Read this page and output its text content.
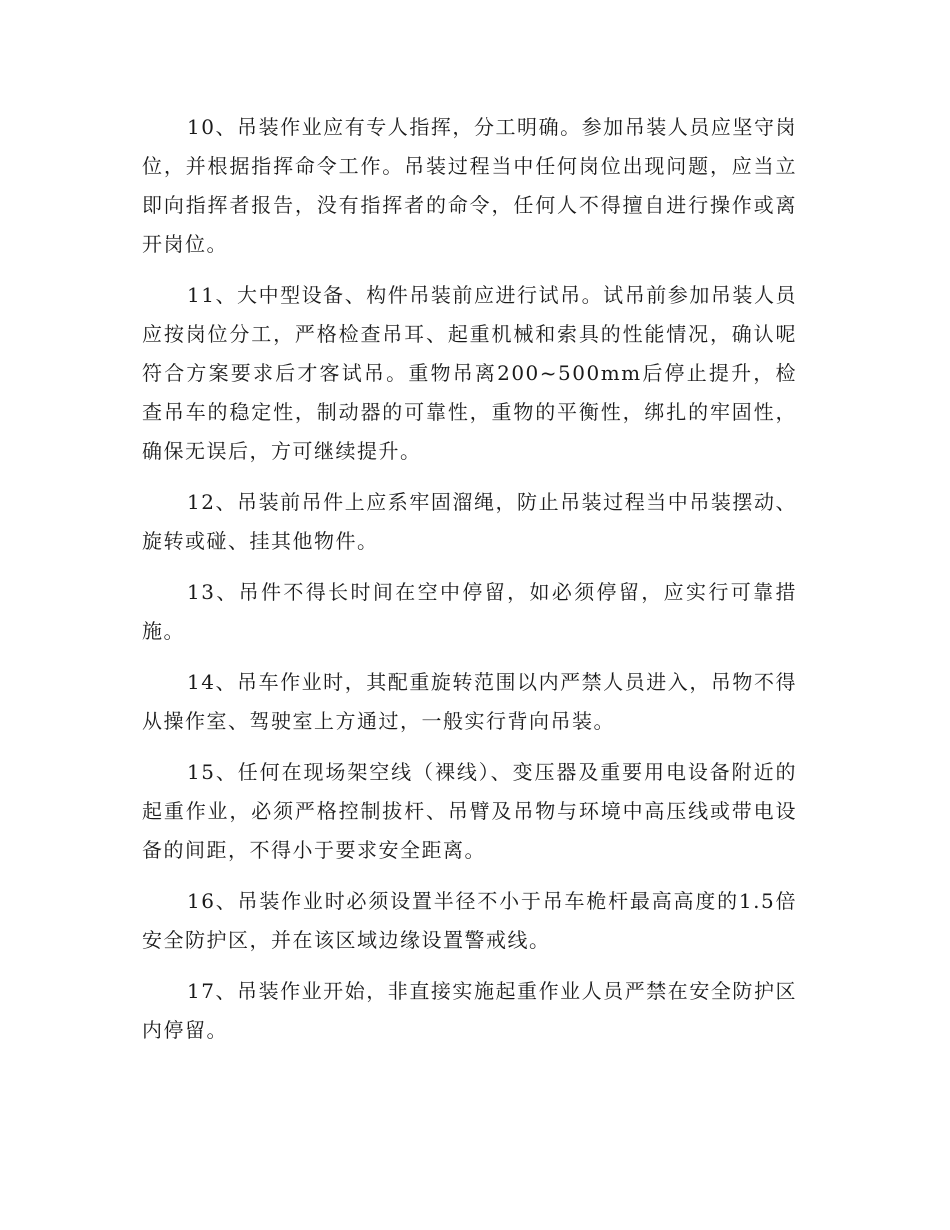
10、吊装作业应有专人指挥，分工明确。参加吊装人员应坚守岗位，并根据指挥命令工作。吊装过程当中任何岗位出现问题，应当立即向指挥者报告，没有指挥者的命令，任何人不得擅自进行操作或离开岗位。

11、大中型设备、构件吊装前应进行试吊。试吊前参加吊装人员应按岗位分工，严格检查吊耳、起重机械和索具的性能情况，确认呢符合方案要求后才客试吊。重物吊离200~500mm后停止提升，检查吊车的稳定性，制动器的可靠性，重物的平衡性，绑扎的牢固性，确保无误后，方可继续提升。

12、吊装前吊件上应系牢固溜绳，防止吊装过程当中吊装摆动、旋转或碰、挂其他物件。

13、吊件不得长时间在空中停留，如必须停留，应实行可靠措施。

14、吊车作业时，其配重旋转范围以内严禁人员进入，吊物不得从操作室、驾驶室上方通过，一般实行背向吊装。

15、任何在现场架空线（裸线）、变压器及重要用电设备附近的起重作业，必须严格控制拔杆、吊臂及吊物与环境中高压线或带电设备的间距，不得小于要求安全距离。

16、吊装作业时必须设置半径不小于吊车桅杆最高高度的1.5倍安全防护区，并在该区域边缘设置警戒线。

17、吊装作业开始，非直接实施起重作业人员严禁在安全防护区内停留。
